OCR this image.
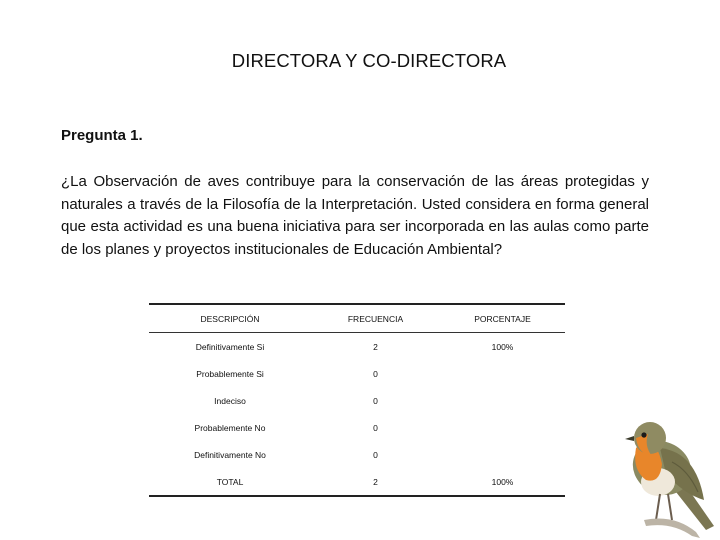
DIRECTORA Y CO-DIRECTORA
Pregunta 1.
¿La Observación de aves contribuye para la conservación de las áreas protegidas y naturales a través de la Filosofía de la Interpretación. Usted considera en forma general que esta actividad es una buena iniciativa para ser incorporada en las aulas como parte de los planes y proyectos institucionales de Educación Ambiental?
DESCRIPCIÓN	FRECUENCIA	PORCENTAJE
Definitivamente Si	2	100%
Probablemente Si	0	
Indeciso	0	
Probablemente No	0	
Definitivamente No	0	
TOTAL	2	100%
